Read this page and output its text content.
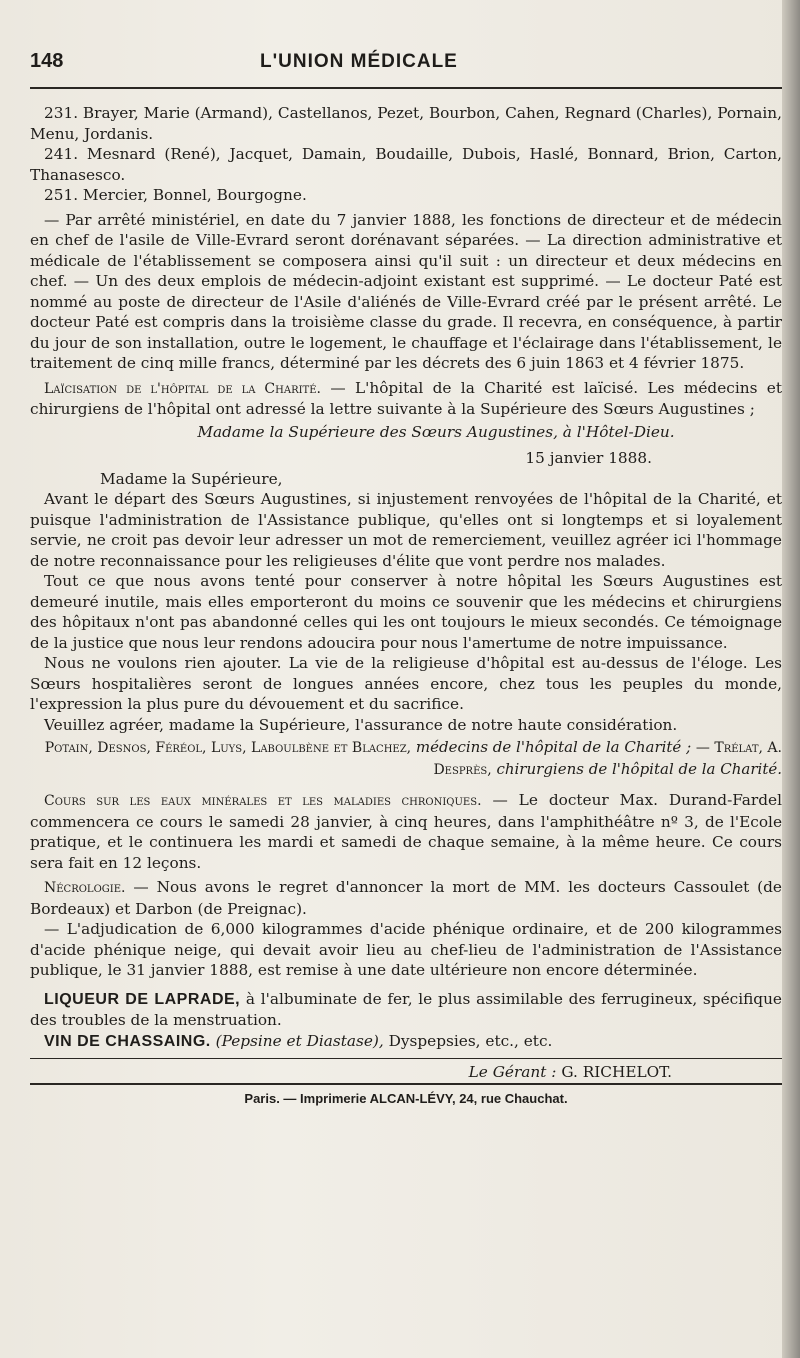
148	L'UNION MÉDICALE

231. Brayer, Marie (Armand), Castellanos, Pezet, Bourbon, Cahen, Regnard (Charles), Pornain, Menu, Jordanis.

241. Mesnard (René), Jacquet, Damain, Boudaille, Dubois, Haslé, Bonnard, Brion, Carton, Thanasesco.

251. Mercier, Bonnel, Bourgogne.

— Par arrêté ministériel, en date du 7 janvier 1888, les fonctions de directeur et de médecin en chef de l'asile de Ville-Evrard seront dorénavant séparées. — La direction administrative et médicale de l'établissement se composera ainsi qu'il suit : un directeur et deux médecins en chef. — Un des deux emplois de médecin-adjoint existant est supprimé. — Le docteur Paté est nommé au poste de directeur de l'Asile d'aliénés de Ville-Evrard créé par le présent arrêté. Le docteur Paté est compris dans la troisième classe du grade. Il recevra, en conséquence, à partir du jour de son installation, outre le logement, le chauffage et l'éclairage dans l'établissement, le traitement de cinq mille francs, déterminé par les décrets des 6 juin 1863 et 4 février 1875.

Laïcisation de l'hôpital de la Charité. — L'hôpital de la Charité est laïcisé. Les médecins et chirurgiens de l'hôpital ont adressé la lettre suivante à la Supérieure des Sœurs Augustines ;

Madame la Supérieure des Sœurs Augustines, à l'Hôtel-Dieu.

15 janvier 1888.

Madame la Supérieure,

Avant le départ des Sœurs Augustines, si injustement renvoyées de l'hôpital de la Charité, et puisque l'administration de l'Assistance publique, qu'elles ont si longtemps et si loyalement servie, ne croit pas devoir leur adresser un mot de remerciement, veuillez agréer ici l'hommage de notre reconnaissance pour les religieuses d'élite que vont perdre nos malades.

Tout ce que nous avons tenté pour conserver à notre hôpital les Sœurs Augustines est demeuré inutile, mais elles emporteront du moins ce souvenir que les médecins et chirurgiens des hôpitaux n'ont pas abandonné celles qui les ont toujours le mieux secondés. Ce témoignage de la justice que nous leur rendons adoucira pour nous l'amertume de notre impuissance.

Nous ne voulons rien ajouter. La vie de la religieuse d'hôpital est au-dessus de l'éloge. Les Sœurs hospitalières seront de longues années encore, chez tous les peuples du monde, l'expression la plus pure du dévouement et du sacrifice.

Veuillez agréer, madame la Supérieure, l'assurance de notre haute considération.

Potain, Desnos, Féréol, Luys, Laboulbène et Blachez, médecins de l'hôpital de la Charité ; — Trélat, A. Desprès, chirurgiens de l'hôpital de la Charité.

Cours sur les eaux minérales et les maladies chroniques. — Le docteur Max. Durand-Fardel commencera ce cours le samedi 28 janvier, à cinq heures, dans l'amphithéâtre nº 3, de l'Ecole pratique, et le continuera les mardi et samedi de chaque semaine, à la même heure. Ce cours sera fait en 12 leçons.

Nécrologie. — Nous avons le regret d'annoncer la mort de MM. les docteurs Cassoulet (de Bordeaux) et Darbon (de Preignac).

— L'adjudication de 6,000 kilogrammes d'acide phénique ordinaire, et de 200 kilogrammes d'acide phénique neige, qui devait avoir lieu au chef-lieu de l'administration de l'Assistance publique, le 31 janvier 1888, est remise à une date ultérieure non encore déterminée.

LIQUEUR DE LAPRADE, à l'albuminate de fer, le plus assimilable des ferrugineux, spécifique des troubles de la menstruation.

VIN DE CHASSAING. (Pepsine et Diastase), Dyspepsies, etc., etc.

Le Gérant : G. RICHELOT.

Paris. — Imprimerie ALCAN-LÉVY, 24, rue Chauchat.
